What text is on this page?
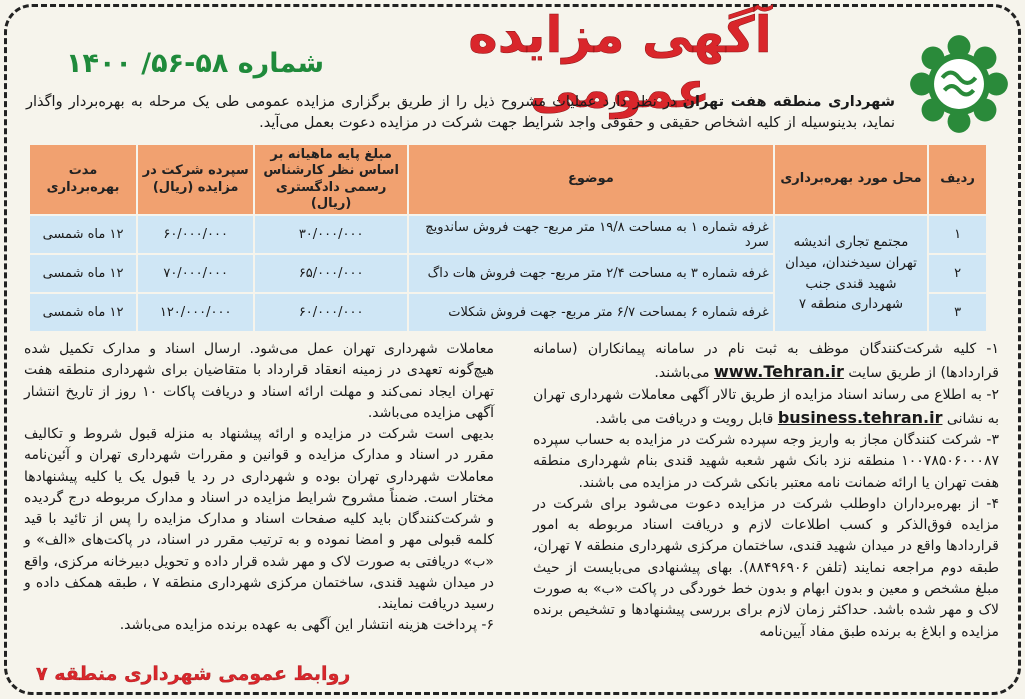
آگهی مزایده عمومی
شماره ۵۸-۵۶/ ۱۴۰۰
شهرداری منطقه هفت تهران در نظر دارد عملیات مشروح ذیل را از طریق برگزاری مزایده عمومی طی یک مرحله به بهره‌بردار واگذار نماید، بدینوسیله از کلیه اشخاص حقیقی و حقوقی واجد شرایط جهت شرکت در مزایده دعوت بعمل می‌آید.
ردیف	محل مورد بهره‌برداری	موضوع	مبلغ پایه ماهیانه بر اساس نظر کارشناس رسمی دادگستری (ریال)	سپرده شرکت در مزایده (ریال)	مدت بهره‌برداری
۱	مجتمع تجاری اندیشه تهران سیدخندان، میدان شهید قندی جنب شهرداری منطقه ۷	غرفه شماره ۱ به مساحت ۱۹/۸ متر مربع- جهت فروش ساندویچ سرد	۳۰/۰۰۰/۰۰۰	۶۰/۰۰۰/۰۰۰	۱۲ ماه شمسی
۲		غرفه شماره ۳ به مساحت ۲/۴ متر مربع- جهت فروش هات داگ	۶۵/۰۰۰/۰۰۰	۷۰/۰۰۰/۰۰۰	۱۲ ماه شمسی
۳		غرفه شماره ۶ بمساحت ۶/۷ متر مربع- جهت فروش شکلات	۶۰/۰۰۰/۰۰۰	۱۲۰/۰۰۰/۰۰۰	۱۲ ماه شمسی

۱- کلیه شرکت‌کنندگان موظف به ثبت نام در سامانه پیمانکاران (سامانه قراردادها) از طریق سایت www.Tehran.ir می‌باشند.

۲- به اطلاع می رساند اسناد مزایده از طریق تالار آگهی معاملات شهرداری تهران به نشانی business.tehran.ir قابل رویت و دریافت می باشد.

۳- شرکت کنندگان مجاز به واریز وجه سپرده شرکت در مزایده به حساب سپرده ۱۰۰۷۸۵۰۶۰۰۰۸۷ منطقه نزد بانک شهر شعبه شهید قندی بنام شهرداری منطقه هفت تهران یا ارائه ضمانت نامه معتبر بانکی شرکت در مزایده می باشند.

۴- از بهره‌برداران داوطلب شرکت در مزایده دعوت می‌شود برای شرکت در مزایده فوق‌الذکر و کسب اطلاعات لازم و دریافت اسناد مربوطه به امور قراردادها واقع در میدان شهید قندی، ساختمان مرکزی شهرداری منطقه ۷ تهران، طبقه دوم مراجعه نمایند (تلفن ۸۸۴۹۶۹۰۶). بهای پیشنهادی می‌بایست از حیث مبلغ مشخص و معین و بدون ابهام و بدون خط خوردگی در پاکت «ب» به صورت لاک و مهر شده باشد. حداکثر زمان لازم برای بررسی پیشنهادها و تشخیص برنده مزایده و ابلاغ به برنده طبق مفاد آیین‌نامه

معاملات شهرداری تهران عمل می‌شود. ارسال اسناد و مدارک تکمیل شده هیچ‌گونه تعهدی در زمینه انعقاد قرارداد با متقاضیان برای شهرداری منطقه هفت تهران ایجاد نمی‌کند و مهلت ارائه اسناد و دریافت پاکات ۱۰ روز از تاریخ انتشار آگهی مزایده می‌باشد.

بدیهی است شرکت در مزایده و ارائه پیشنهاد به منزله قبول شروط و تکالیف مقرر در اسناد و مدارک مزایده و قوانین و مقررات شهرداری تهران و آئین‌نامه معاملات شهرداری تهران بوده و شهرداری در رد یا قبول یک یا کلیه پیشنهادها مختار است. ضمناً مشروح شرایط مزایده در اسناد و مدارک مربوطه درج گردیده و شرکت‌کنندگان باید کلیه صفحات اسناد و مدارک مزایده را پس از تائید با قید کلمه قبولی مهر و امضا نموده و به ترتیب مقرر در اسناد، در پاکت‌های «الف» و «ب» دریافتی به صورت لاک و مهر شده قرار داده و تحویل دبیرخانه مرکزی، واقع در میدان شهید قندی، ساختمان مرکزی شهرداری منطقه ۷ ، طبقه همکف داده و رسید دریافت نمایند.

۶- پرداخت هزینه انتشار این آگهی به عهده برنده مزایده می‌باشد.

روابط عمومی شهرداری منطقه ۷
